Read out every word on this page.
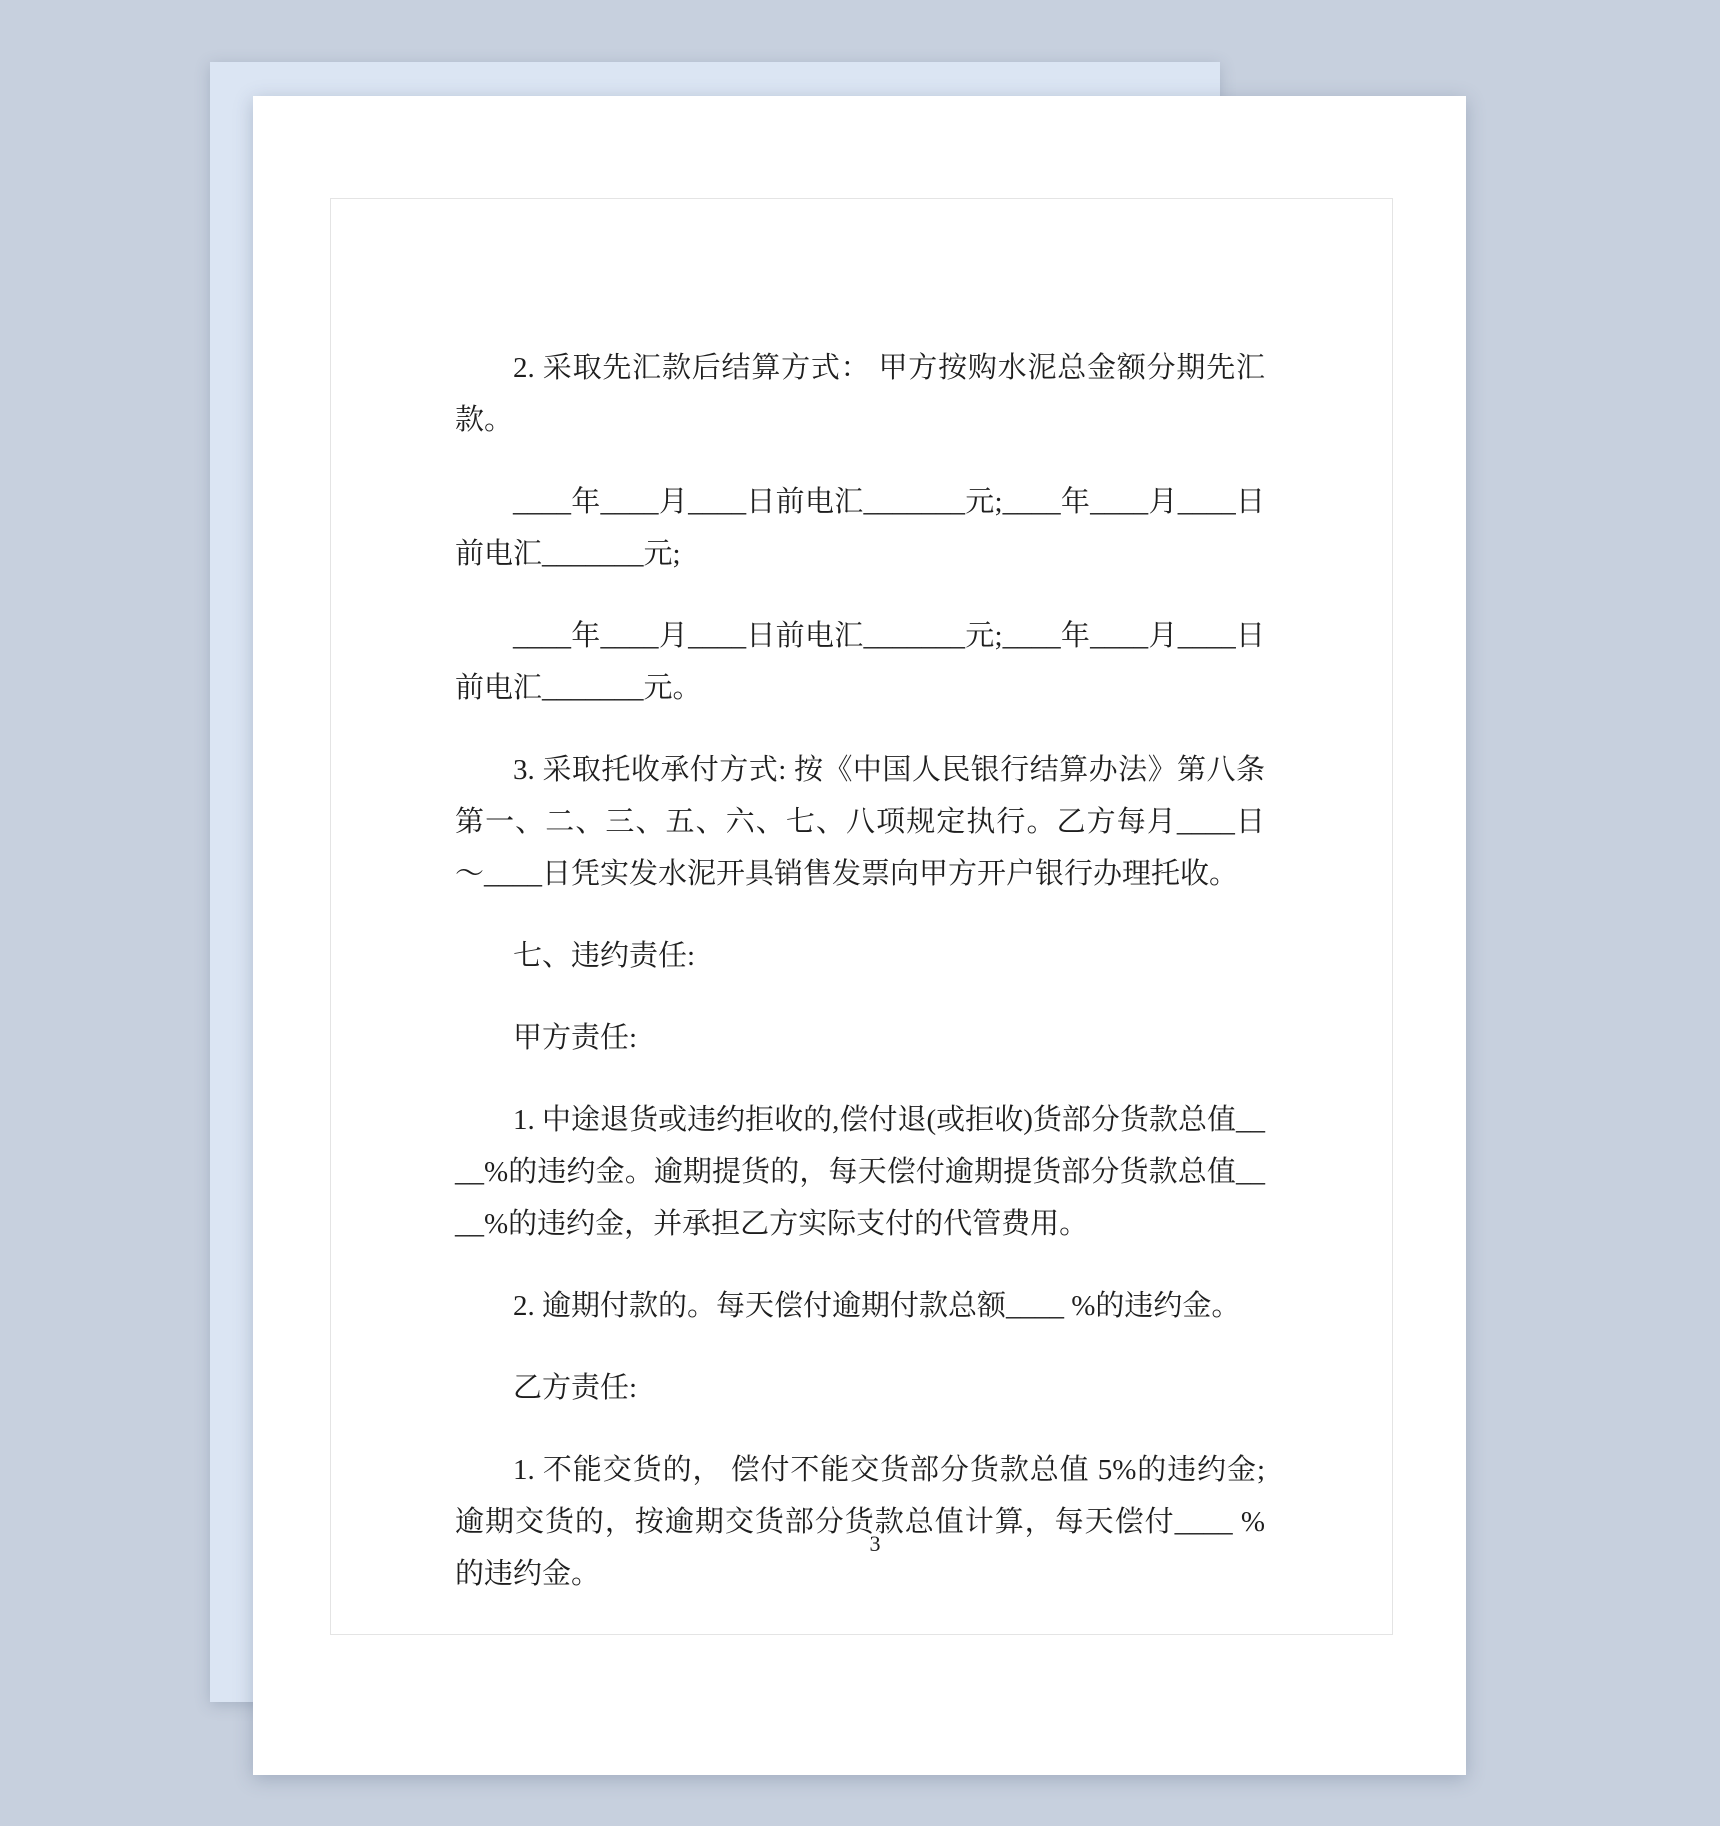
2. 采取先汇款后结算方式： 甲方按购水泥总金额分期先汇款。

____年____月____日前电汇_______元;____年____月____日前电汇_______元;

____年____月____日前电汇_______元;____年____月____日前电汇_______元。

3. 采取托收承付方式: 按《中国人民银行结算办法》第八条第一、二、三、五、六、七、八项规定执行。乙方每月____日～____日凭实发水泥开具销售发票向甲方开户银行办理托收。

七、违约责任:

甲方责任:

1. 中途退货或违约拒收的,偿付退(或拒收)货部分货款总值____%的违约金。逾期提货的，每天偿付逾期提货部分货款总值____%的违约金，并承担乙方实际支付的代管费用。

2. 逾期付款的。每天偿付逾期付款总额____ %的违约金。

乙方责任:

1. 不能交货的， 偿付不能交货部分货款总值 5%的违约金;逾期交货的，按逾期交货部分货款总值计算，每天偿付____ %的违约金。

3
